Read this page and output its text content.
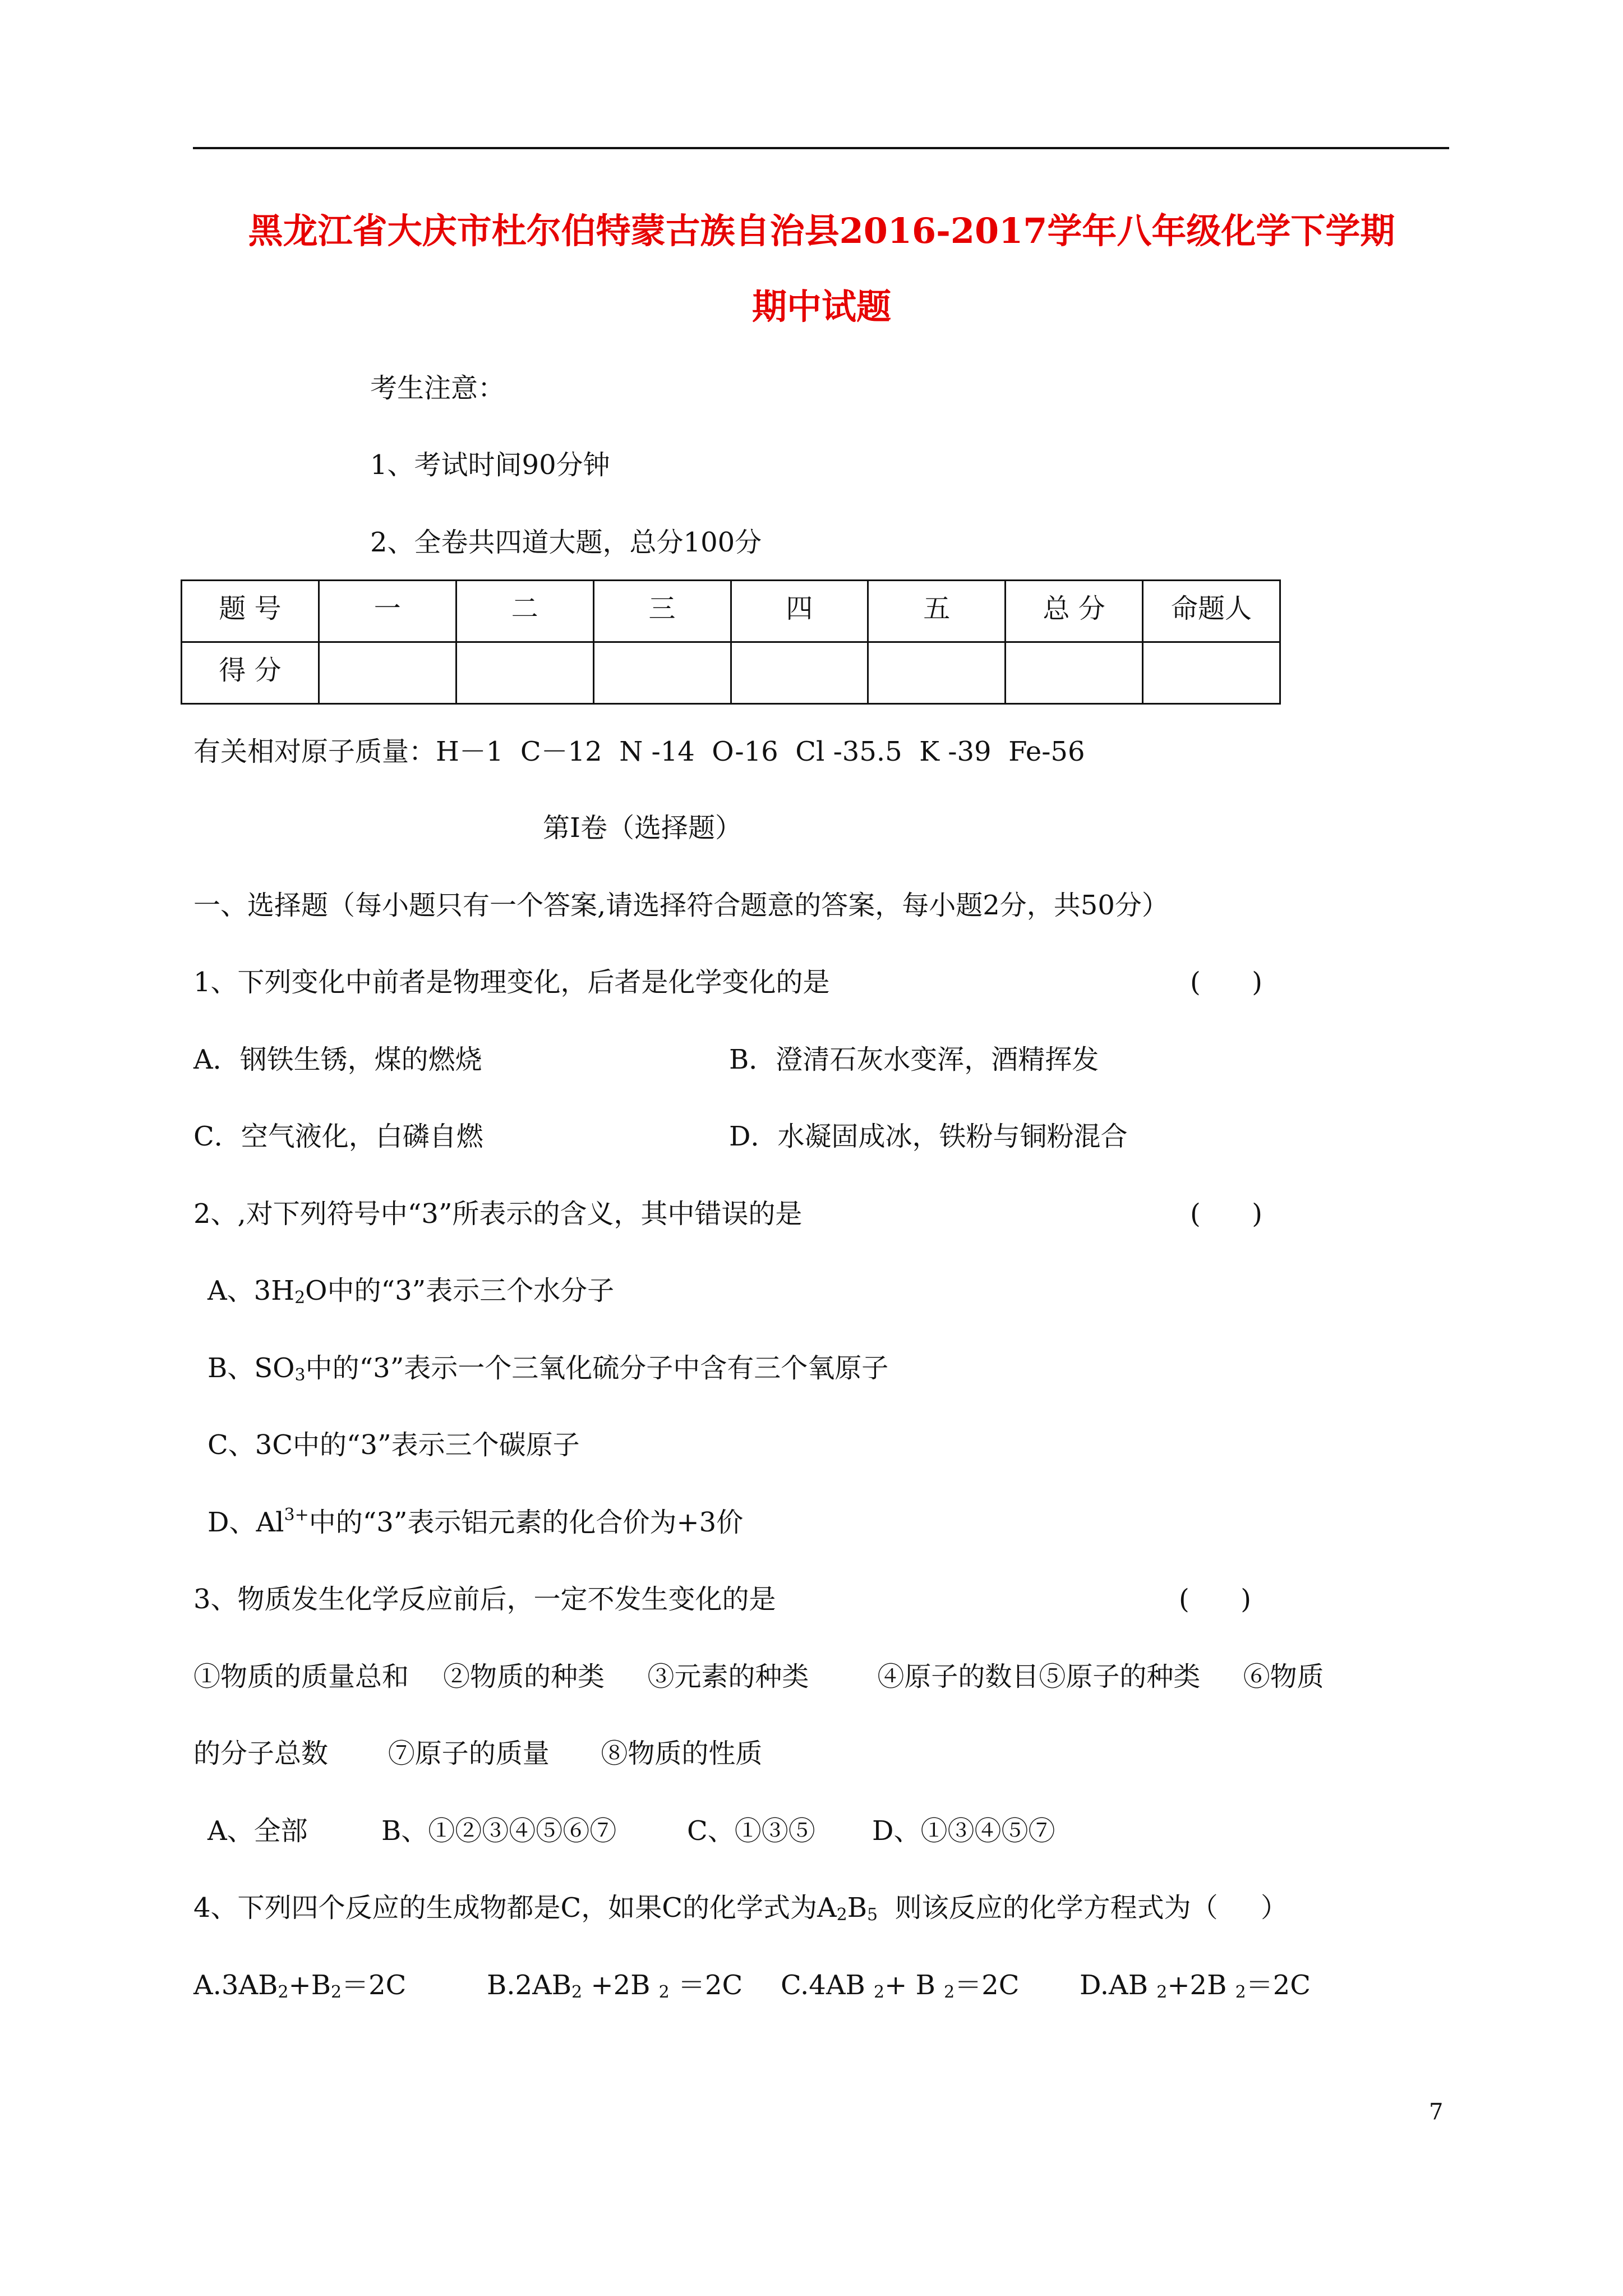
黑龙江省大庆市杜尔伯特蒙古族自治县2016-2017学年八年级化学下学期
期中试题
考生注意：
1、考试时间90分钟
2、全卷共四道大题，总分100分
题 号	一	二	三	四	五	总 分	命题人
得 分							
有关相对原子质量：H－1  C－12  N -14  O-16  Cl -35.5  K -39  Fe-56
第Ⅰ卷（选择题）
一、选择题（每小题只有一个答案,请选择符合题意的答案，每小题2分，共50分）
1、下列变化中前者是物理变化，后者是化学变化的是	(      )
A．钢铁生锈，煤的燃烧	B．澄清石灰水变浑，酒精挥发
C．空气液化，白磷自燃	D．水凝固成冰，铁粉与铜粉混合
2、,对下列符号中“3”所表示的含义，其中错误的是	(      )
A、$3H_2O$中的“3”表示三个水分子
B、$SO_3$中的“3”表示一个三氧化硫分子中含有三个氧原子
C、3C中的“3”表示三个碳原子
D、$Al^{3+}$中的“3”表示铝元素的化合价为+3价
3、物质发生化学反应前后，一定不发生变化的是	(      )
①物质的质量总和    ②物质的种类     ③元素的种类        ④原子的数目⑤原子的种类     ⑥物质
的分子总数       ⑦原子的质量      ⑧物质的性质
A、全部	B、①②③④⑤⑥⑦	C、①③⑤ D、①③④⑤⑦
4、下列四个反应的生成物都是C，如果C的化学式为$A_2B_5$  则该反应的化学方程式为（     ）
$A.3AB_2+B_2=2C$	$B.2AB_2 +2B$ $_2$ ＝2C C.4AB $_2$+ B $_2$＝2C D.AB $_2$+2B $_2$＝2C
7
